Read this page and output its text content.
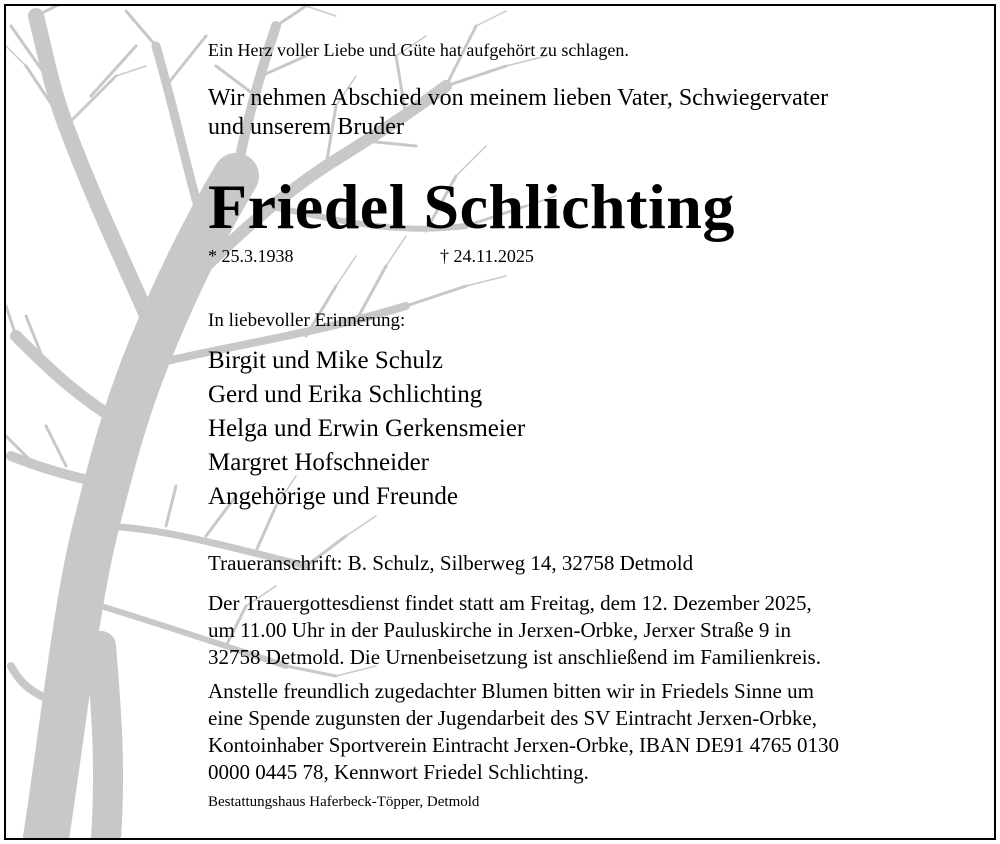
Ein Herz voller Liebe und Güte hat aufgehört zu schlagen.
Wir nehmen Abschied von meinem lieben Vater, Schwiegervater
und unserem Bruder
Friedel Schlichting
* 25.3.1938	† 24.11.2025
In liebevoller Erinnerung:
Birgit und Mike Schulz
Gerd und Erika Schlichting
Helga und Erwin Gerkensmeier
Margret Hofschneider
Angehörige und Freunde
Traueranschrift: B. Schulz, Silberweg 14, 32758 Detmold
Der Trauergottesdienst findet statt am Freitag, dem 12. Dezember 2025,
um 11.00 Uhr in der Pauluskirche in Jerxen-Orbke, Jerxer Straße 9 in
32758 Detmold. Die Urnenbeisetzung ist anschließend im Familienkreis.
Anstelle freundlich zugedachter Blumen bitten wir in Friedels Sinne um
eine Spende zugunsten der Jugendarbeit des SV Eintracht Jerxen-Orbke,
Kontoinhaber Sportverein Eintracht Jerxen-Orbke, IBAN DE91 4765 0130
0000 0445 78, Kennwort Friedel Schlichting.
Bestattungshaus Haferbeck-Töpper, Detmold
